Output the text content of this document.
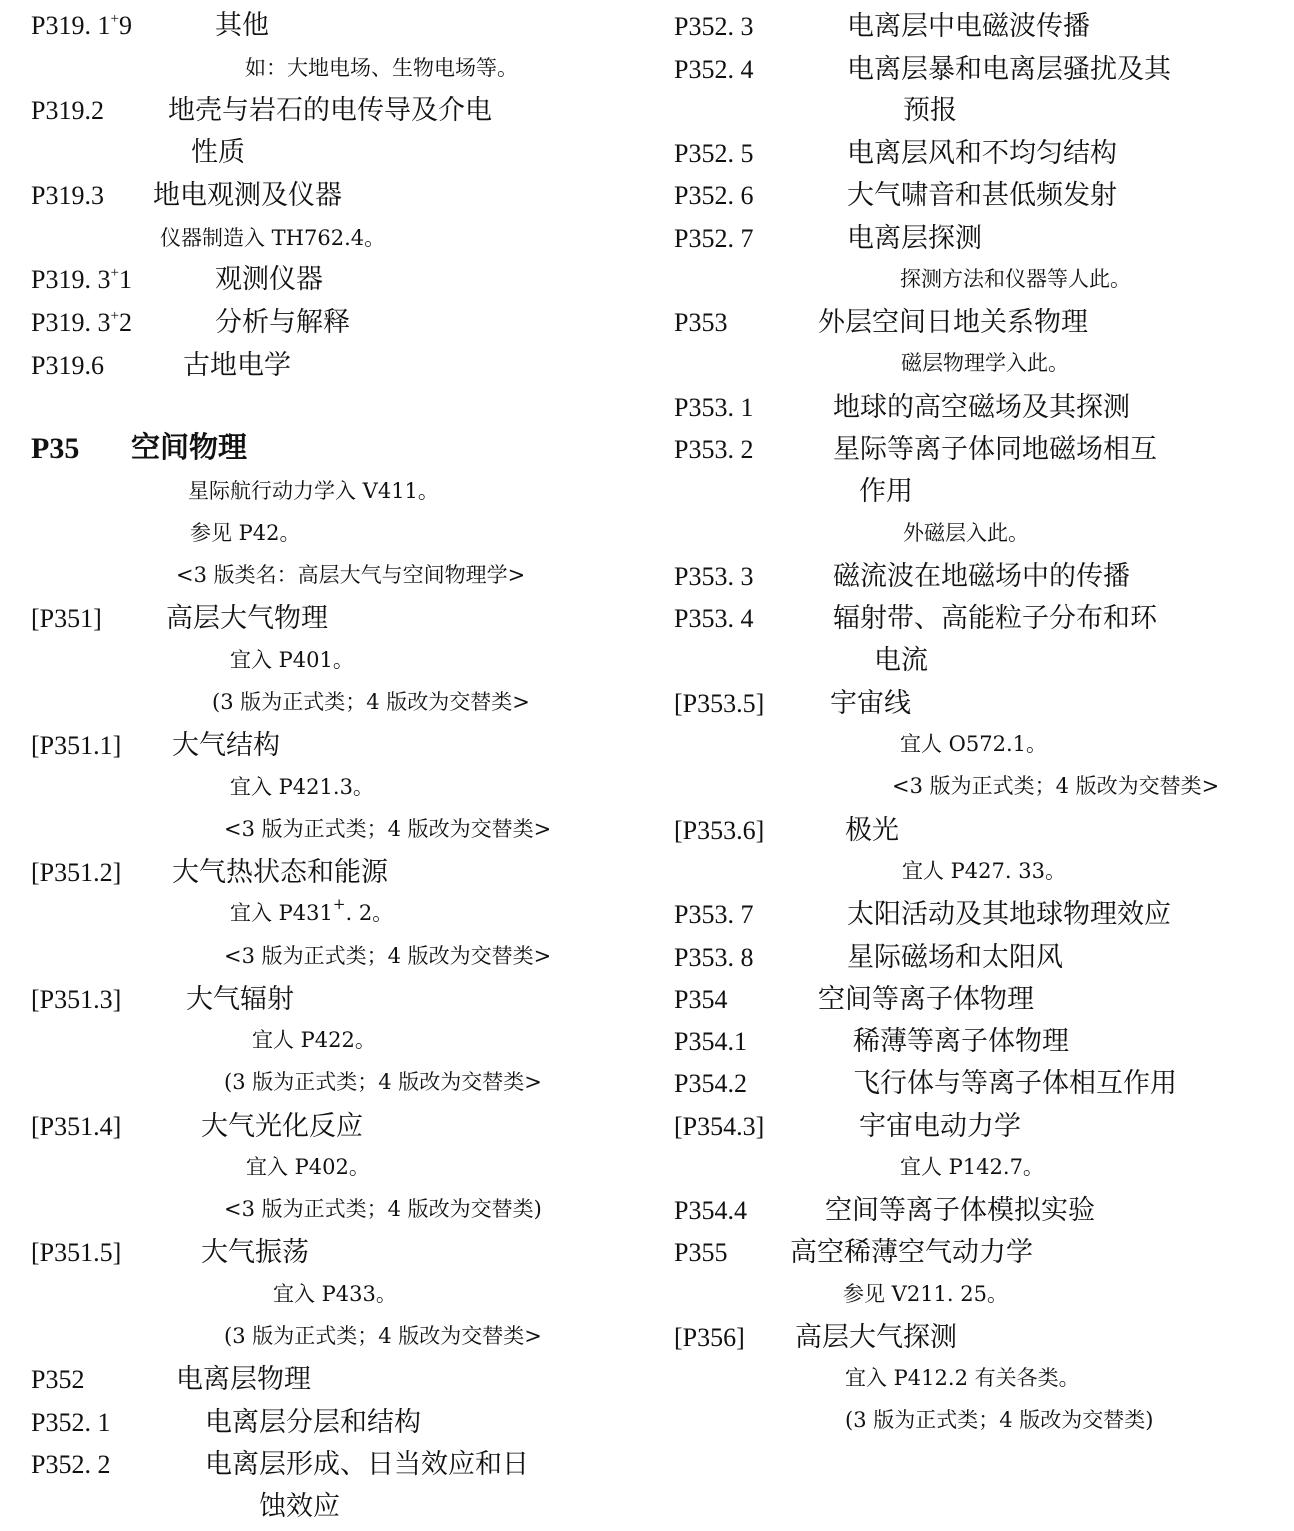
P319. 1+9	其他
如：大地电场、生物电场等。
P319.2 地壳与岩石的电传导及介电
性质
P319.3 地电观测及仪器
仪器制造入 TH762.4。
P319. 3+1	观测仪器
P319. 3+2	分析与解释
P319.6	古地电学
P35 空间物理
星际航行动力学入 V411。
参见 P42。
<3 版类名：高层大气与空间物理学>
[P351] 高层大气物理
宜入 P401。
(3 版为正式类；4 版改为交替类>
[P351.1] 大气结构
宜入 P421.3。
<3 版为正式类；4 版改为交替类>
[P351.2] 大气热状态和能源
宜入 P431+. 2。
<3 版为正式类；4 版改为交替类>
[P351.3] 大气辐射
宜人 P422。
(3 版为正式类；4 版改为交替类>
[P351.4]	大气光化反应
宜入 P402。
<3 版为正式类；4 版改为交替类)
[P351.5]	大气振荡
宜入 P433。
(3 版为正式类；4 版改为交替类>
P352	电离层物理
P352. 1	电离层分层和结构
P352. 2	电离层形成、日当效应和日
蚀效应
P352. 3	电离层中电磁波传播
P352. 4	电离层暴和电离层骚扰及其
预报
P352. 5	电离层风和不均匀结构
P352. 6	大气啸音和甚低频发射
P352. 7	电离层探测
探测方法和仪器等人此。
P353	外层空间日地关系物理
磁层物理学入此。
P353. 1	地球的高空磁场及其探测
P353. 2	星际等离子体同地磁场相互
作用
外磁层入此。
P353. 3	磁流波在地磁场中的传播
P353. 4	辐射带、高能粒子分布和环
电流
[P353.5] 宇宙线
宜人 O572.1。
<3 版为正式类；4 版改为交替类>
[P353.6]	极光
宜人 P427. 33。
P353. 7	太阳活动及其地球物理效应
P353. 8	星际磁场和太阳风
P354	空间等离子体物理
P354.1	稀薄等离子体物理
P354.2	飞行体与等离子体相互作用
[P354.3]	宇宙电动力学
宜人 P142.7。
P354.4	空间等离子体模拟实验
P355 高空稀薄空气动力学
参见 V211. 25。
[P356] 高层大气探测
宜入 P412.2 有关各类。
(3 版为正式类；4 版改为交替类)
